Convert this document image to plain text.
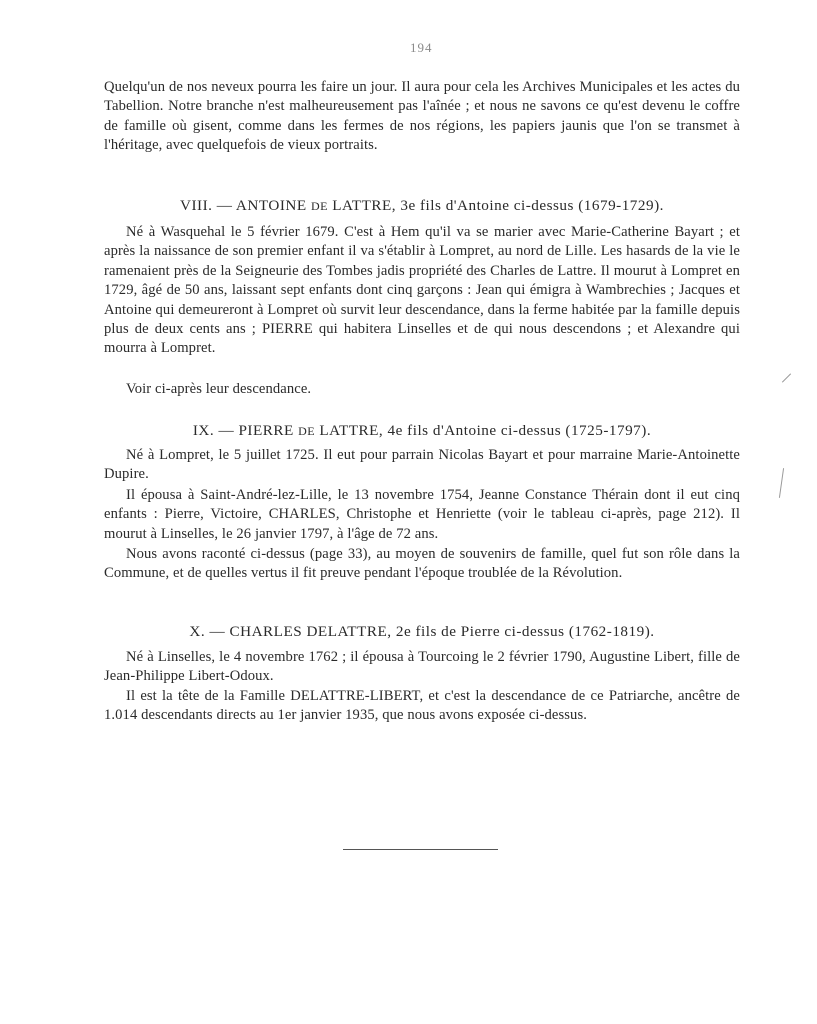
194

Quelqu'un de nos neveux pourra les faire un jour. Il aura pour cela les Archives Municipales et les actes du Tabellion. Notre branche n'est malheureusement pas l'aînée ; et nous ne savons ce qu'est devenu le coffre de famille où gisent, comme dans les fermes de nos régions, les papiers jaunis que l'on se transmet à l'héritage, avec quelquefois de vieux portraits.

VIII. — ANTOINE DE LATTRE, 3e fils d'Antoine ci-dessus (1679-1729).

Né à Wasquehal le 5 février 1679. C'est à Hem qu'il va se marier avec Marie-Catherine Bayart ; et après la naissance de son premier enfant il va s'établir à Lompret, au nord de Lille. Les hasards de la vie le ramenaient près de la Seigneurie des Tombes jadis propriété des Charles de Lattre. Il mourut à Lompret en 1729, âgé de 50 ans, laissant sept enfants dont cinq garçons : Jean qui émigra à Wambrechies ; Jacques et Antoine qui demeureront à Lompret où survit leur descendance, dans la ferme habitée par la famille depuis plus de deux cents ans ; PIERRE qui habitera Linselles et de qui nous descendons ; et Alexandre qui mourra à Lompret.

Voir ci-après leur descendance.

IX. — PIERRE DE LATTRE, 4e fils d'Antoine ci-dessus (1725-1797).

Né à Lompret, le 5 juillet 1725. Il eut pour parrain Nicolas Bayart et pour marraine Marie-Antoinette Dupire.

Il épousa à Saint-André-lez-Lille, le 13 novembre 1754, Jeanne Constance Thérain dont il eut cinq enfants : Pierre, Victoire, CHARLES, Christophe et Henriette (voir le tableau ci-après, page 212). Il mourut à Linselles, le 26 janvier 1797, à l'âge de 72 ans.

Nous avons raconté ci-dessus (page 33), au moyen de souvenirs de famille, quel fut son rôle dans la Commune, et de quelles vertus il fit preuve pendant l'époque troublée de la Révolution.

X. — CHARLES DELATTRE, 2e fils de Pierre ci-dessus (1762-1819).

Né à Linselles, le 4 novembre 1762 ; il épousa à Tourcoing le 2 février 1790, Augustine Libert, fille de Jean-Philippe Libert-Odoux.

Il est la tête de la Famille DELATTRE-LIBERT, et c'est la descendance de ce Patriarche, ancêtre de 1.014 descendants directs au 1er janvier 1935, que nous avons exposée ci-dessus.
